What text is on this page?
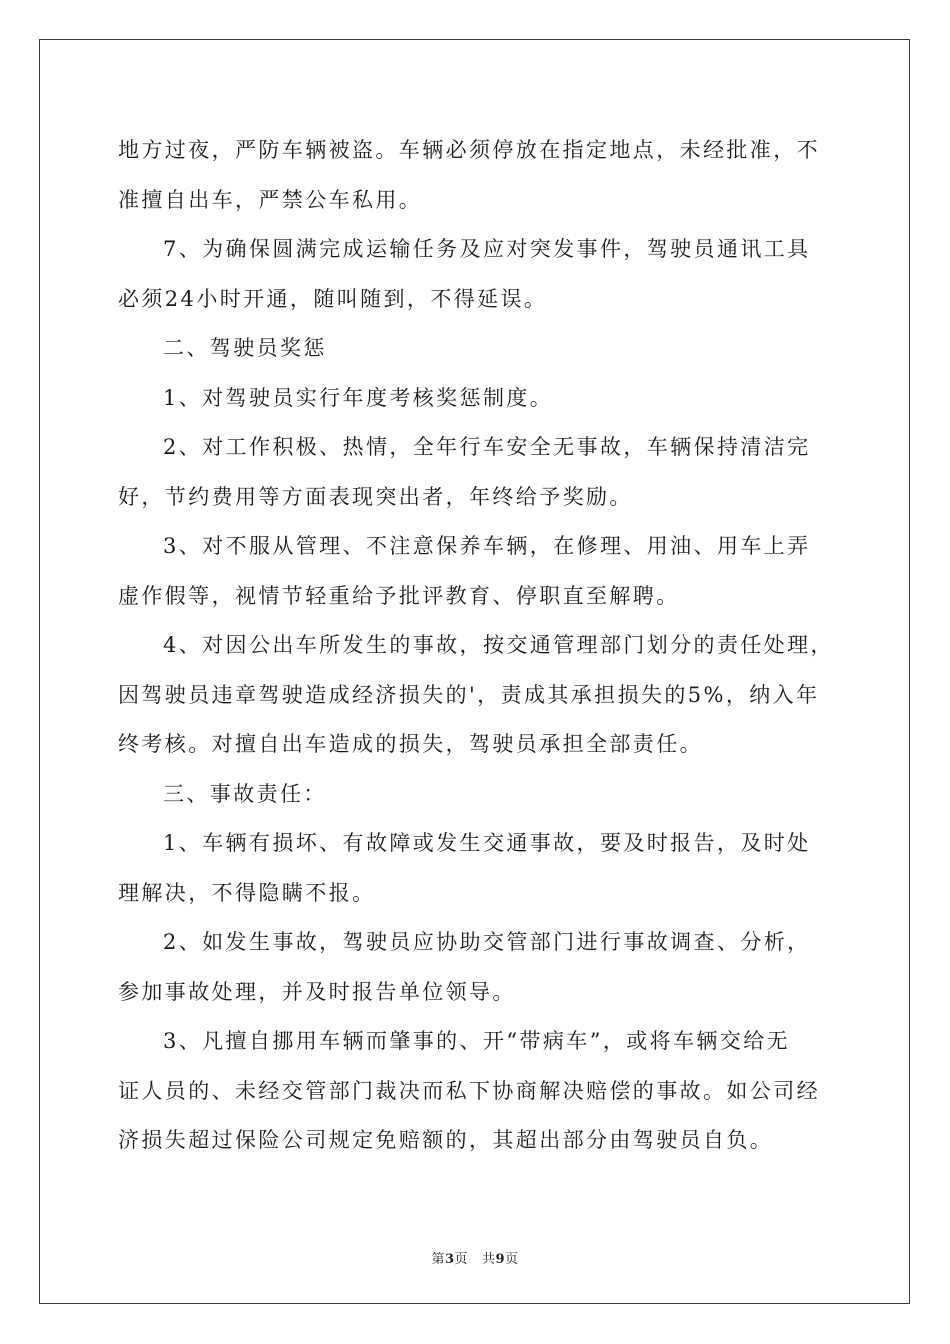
地方过夜，严防车辆被盗。车辆必须停放在指定地点，未经批准，不
准擅自出车，严禁公车私用。
7、为确保圆满完成运输任务及应对突发事件，驾驶员通讯工具
必须24小时开通，随叫随到，不得延误。
二、驾驶员奖惩
1、对驾驶员实行年度考核奖惩制度。
2、对工作积极、热情，全年行车安全无事故，车辆保持清洁完
好，节约费用等方面表现突出者，年终给予奖励。
3、对不服从管理、不注意保养车辆，在修理、用油、用车上弄
虚作假等，视情节轻重给予批评教育、停职直至解聘。
4、对因公出车所发生的事故，按交通管理部门划分的责任处理，
因驾驶员违章驾驶造成经济损失的'，责成其承担损失的5%，纳入年
终考核。对擅自出车造成的损失，驾驶员承担全部责任。
三、事故责任：
1、车辆有损坏、有故障或发生交通事故，要及时报告，及时处
理解决，不得隐瞒不报。
2、如发生事故，驾驶员应协助交管部门进行事故调查、分析，
参加事故处理，并及时报告单位领导。
3、凡擅自挪用车辆而肇事的、开“带病车”，或将车辆交给无
证人员的、未经交管部门裁决而私下协商解决赔偿的事故。如公司经
济损失超过保险公司规定免赔额的，其超出部分由驾驶员自负。
第3页 共9页
